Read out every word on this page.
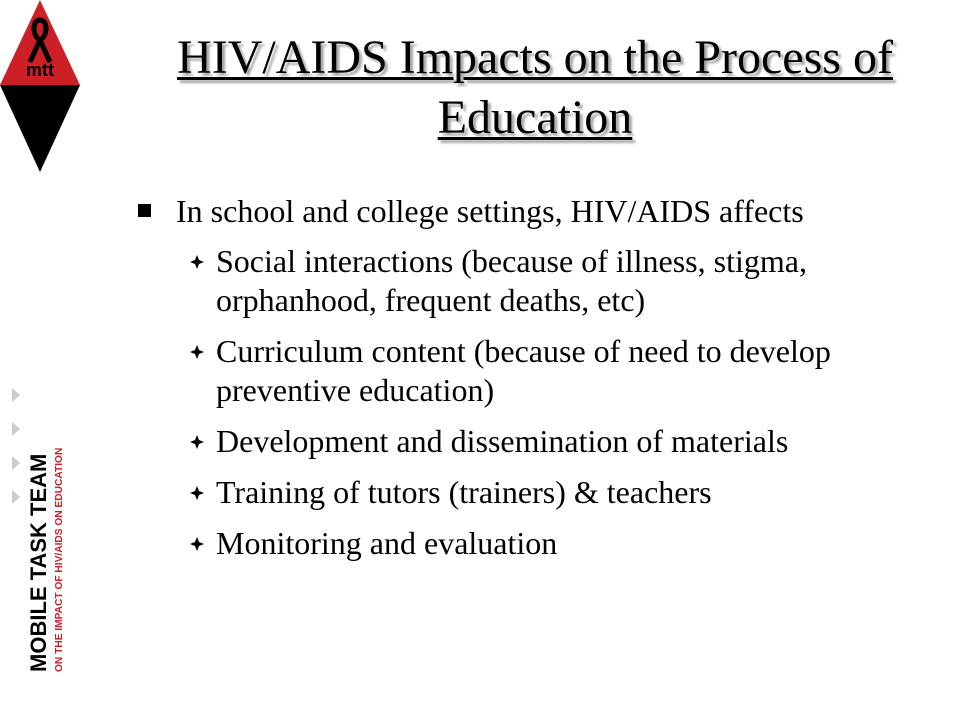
mtt
MOBILE TASK TEAM ON THE IMPACT OF HIV/AIDS ON EDUCATION
HIV/AIDS Impacts on the Process of Education
In school and college settings, HIV/AIDS affects
Social interactions (because of illness, stigma, orphanhood, frequent deaths, etc)
Curriculum content (because of need to develop preventive education)
Development and dissemination of materials
Training of tutors (trainers) & teachers
Monitoring and evaluation
